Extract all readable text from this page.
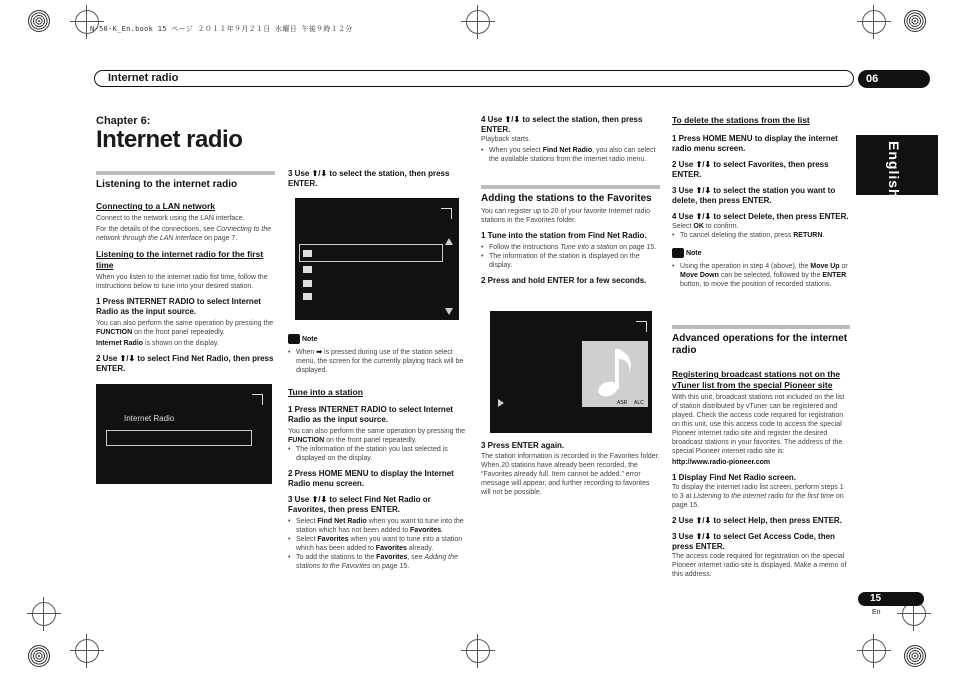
N-50-K_En.book 15 ページ ２０１１年９月２１日 水曜日 午後９時１２分
Internet radio	06
English
15
En
Chapter 6:
Internet radio
Listening to the internet radio
Connecting to a LAN network
Connect to the network using the LAN interface.
For the details of the connections, see Connecting to the network through the LAN interface on page 7.
Listening to the internet radio for the first time
When you listen to the internet radio fist time, follow the instructions below to tune into your desired station.
1 Press INTERNET RADIO to select Internet Radio as the input source.
You can also perform the same operation by pressing the FUNCTION on the front panel repeatedly.
Internet Radio is shown on the display.
2 Use ⬆/⬇ to select Find Net Radio, then press ENTER.
Internet Radio
3 Use ⬆/⬇ to select the station, then press ENTER.
Note
• When ➡ is pressed during use of the station select menu, the screen for the currently playing track will be displayed.
Tune into a station
1 Press INTERNET RADIO to select Internet Radio as the input source.
You can also perform the same operation by pressing the FUNCTION on the front panel repeatedly.
• The information of the station you last selected is displayed on the display.
2 Press HOME MENU to display the Internet Radio menu screen.
3 Use ⬆/⬇ to select Find Net Radio or Favorites, then press ENTER.
• Select Find Net Radio when you want to tune into the station which has not been added to Favorites.
• Select Favorites when you want to tune into a station which has been added to Favorites already.
• To add the stations to the Favorites, see Adding the stations to the Favorites on page 15.
4 Use ⬆/⬇ to select the station, then press ENTER.
Playback starts.
• When you select Find Net Radio, you also can select the available stations from the internet radio menu.
Adding the stations to the Favorites
You can register up to 20 of your favorite Internet radio stations in the Favorites folder.
1 Tune into the station from Find Net Radio.
• Follow the instructions Tune into a station on page 15.
• The information of the station is displayed on the display.
2 Press and hold ENTER for a few seconds.
ASR ALC
3 Press ENTER again.
The station information is recorded in the Favorites folder.
When 20 stations have already been recorded, the “Favorites already full. Item cannot be added.” error message will appear, and further recording to favorites will not be possible.
To delete the stations from the list
1 Press HOME MENU to display the internet radio menu screen.
2 Use ⬆/⬇ to select Favorites, then press ENTER.
3 Use ⬆/⬇ to select the station you want to delete, then press ENTER.
4 Use ⬆/⬇ to select Delete, then press ENTER.
Select OK to confirm.
• To cancel deleting the station, press RETURN.
Note
• Using the operation in step 4 (above), the Move Up or Move Down can be selected, followed by the ENTER button, to move the position of recorded stations.
Advanced operations for the internet radio
Registering broadcast stations not on the vTuner list from the special Pioneer site
With this unit, broadcast stations not included on the list of station distributed by vTuner can be registered and played. Check the access code required for registration on this unit, use this access code to access the special Pioneer internet radio site and register the desired broadcast stations in your favorites. The address of the special Pioneer internet radio site is:
http://www.radio-pioneer.com
1 Display Find Net Radio screen.
To display the internet radio list screen, perform steps 1 to 3 at Listening to the internet radio for the first time on page 15.
2 Use ⬆/⬇ to select Help, then press ENTER.
3 Use ⬆/⬇ to select Get Access Code, then press ENTER.
The access code required for registration on the special Pioneer internet radio site is displayed. Make a memo of this address.
